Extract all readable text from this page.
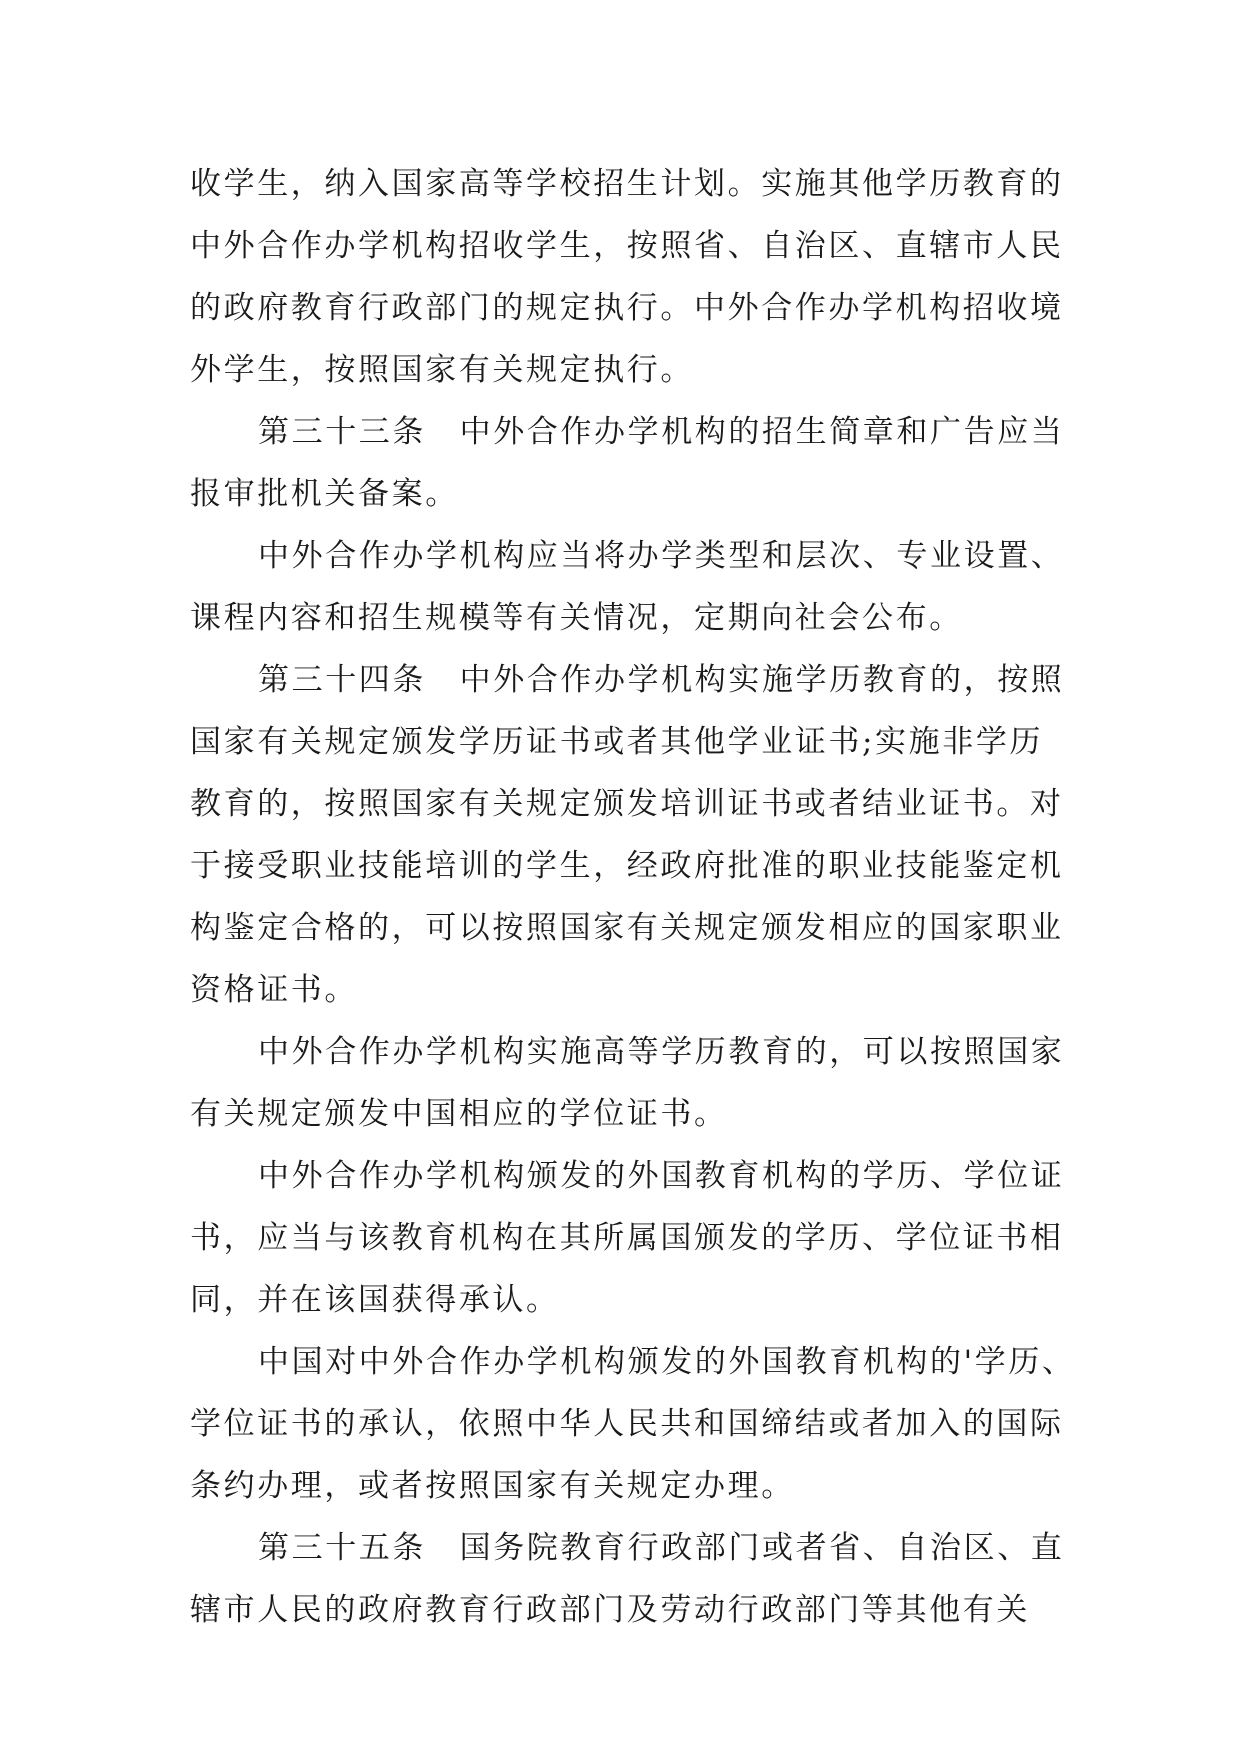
收学生，纳入国家高等学校招生计划。实施其他学历教育的
中外合作办学机构招收学生，按照省、自治区、直辖市人民
的政府教育行政部门的规定执行。中外合作办学机构招收境
外学生，按照国家有关规定执行。
第三十三条　中外合作办学机构的招生简章和广告应当
报审批机关备案。
中外合作办学机构应当将办学类型和层次、专业设置、
课程内容和招生规模等有关情况，定期向社会公布。
第三十四条　中外合作办学机构实施学历教育的，按照
国家有关规定颁发学历证书或者其他学业证书;实施非学历
教育的，按照国家有关规定颁发培训证书或者结业证书。对
于接受职业技能培训的学生，经政府批准的职业技能鉴定机
构鉴定合格的，可以按照国家有关规定颁发相应的国家职业
资格证书。
中外合作办学机构实施高等学历教育的，可以按照国家
有关规定颁发中国相应的学位证书。
中外合作办学机构颁发的外国教育机构的学历、学位证
书，应当与该教育机构在其所属国颁发的学历、学位证书相
同，并在该国获得承认。
中国对中外合作办学机构颁发的外国教育机构的'学历、
学位证书的承认，依照中华人民共和国缔结或者加入的国际
条约办理，或者按照国家有关规定办理。
第三十五条　国务院教育行政部门或者省、自治区、直
辖市人民的政府教育行政部门及劳动行政部门等其他有关
